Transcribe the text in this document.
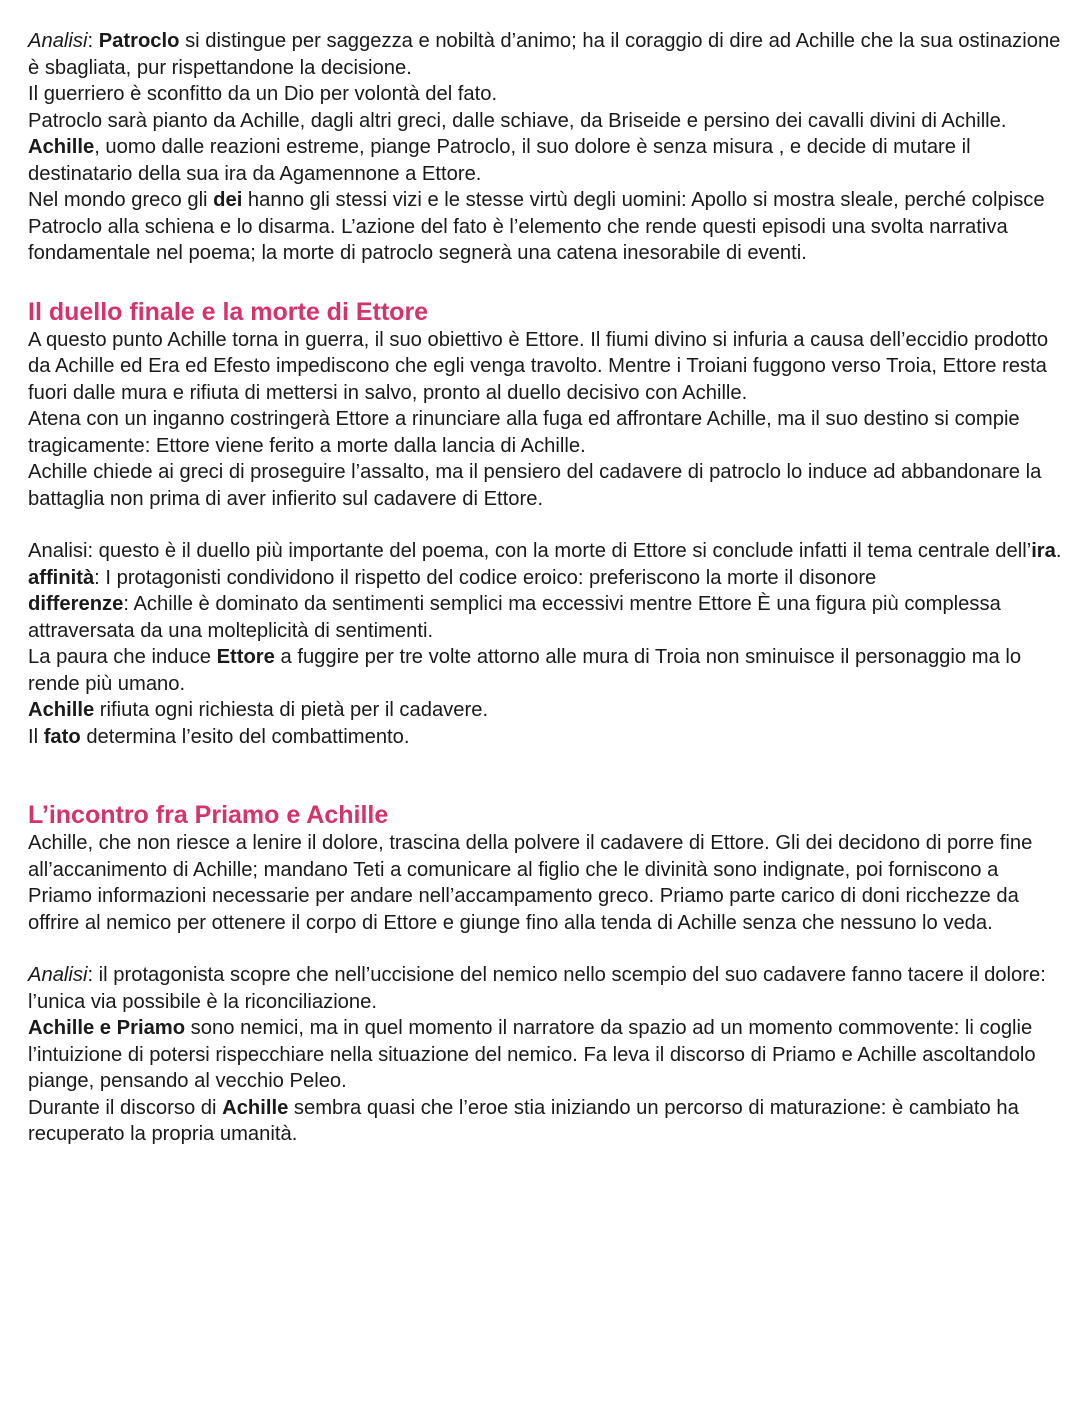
Analisi: Patroclo si distingue per saggezza e nobiltà d’animo; ha il coraggio di dire ad Achille che la sua ostinazione è sbagliata, pur rispettandone la decisione.

Il guerriero è sconfitto da un Dio per volontà del fato.

Patroclo sarà pianto da Achille, dagli altri greci, dalle schiave, da Briseide e persino dei cavalli divini di Achille.

Achille, uomo dalle reazioni estreme, piange Patroclo, il suo dolore è senza misura , e decide di mutare il destinatario della sua ira da Agamennone a Ettore.

Nel mondo greco gli dei hanno gli stessi vizi e le stesse virtù degli uomini: Apollo si mostra sleale, perché colpisce Patroclo alla schiena e lo disarma. L’azione del fato è l’elemento che rende questi episodi una svolta narrativa fondamentale nel poema; la morte di patroclo segnerà una catena inesorabile di eventi.

Il duello finale e la morte di Ettore

A questo punto Achille torna in guerra, il suo obiettivo è Ettore. Il fiumi divino si infuria a causa dell’eccidio prodotto da Achille ed Era ed Efesto impediscono che egli venga travolto. Mentre i Troiani fuggono verso Troia, Ettore resta fuori dalle mura e rifiuta di mettersi in salvo, pronto al duello decisivo con Achille.

Atena con un inganno costringerà Ettore a rinunciare alla fuga ed affrontare Achille, ma il suo destino si compie tragicamente: Ettore viene ferito a morte dalla lancia di Achille.

Achille chiede ai greci di proseguire l’assalto, ma il pensiero del cadavere di patroclo lo induce ad abbandonare la battaglia non prima di aver infierito sul cadavere di Ettore.

Analisi: questo è il duello più importante del poema, con la morte di Ettore si conclude infatti il tema centrale dell’ira.

affinità: I protagonisti condividono il rispetto del codice eroico: preferiscono la morte il disonore

differenze: Achille è dominato da sentimenti semplici ma eccessivi mentre Ettore È una figura più complessa attraversata da una molteplicità di sentimenti.

La paura che induce Ettore a fuggire per tre volte attorno alle mura di Troia non sminuisce il personaggio ma lo rende più umano.

Achille rifiuta ogni richiesta di pietà per il cadavere.

Il fato determina l’esito del combattimento.

L’incontro fra Priamo e Achille

Achille, che non riesce a lenire il dolore, trascina della polvere il cadavere di Ettore. Gli dei decidono di porre fine all’accanimento di Achille; mandano Teti a comunicare al figlio che le divinità sono indignate, poi forniscono a Priamo informazioni necessarie per andare nell’accampamento greco. Priamo parte carico di doni ricchezze da offrire al nemico per ottenere il corpo di Ettore e giunge fino alla tenda di Achille senza che nessuno lo veda.

Analisi: il protagonista scopre che nell’uccisione del nemico nello scempio del suo cadavere fanno tacere il dolore: l’unica via possibile è la riconciliazione.

Achille e Priamo sono nemici, ma in quel momento il narratore da spazio ad un momento commovente: li coglie l’intuizione di potersi rispecchiare nella situazione del nemico. Fa leva il discorso di Priamo e Achille ascoltandolo piange, pensando al vecchio Peleo.

Durante il discorso di Achille sembra quasi che l’eroe stia iniziando un percorso di maturazione: è cambiato ha recuperato la propria umanità.
